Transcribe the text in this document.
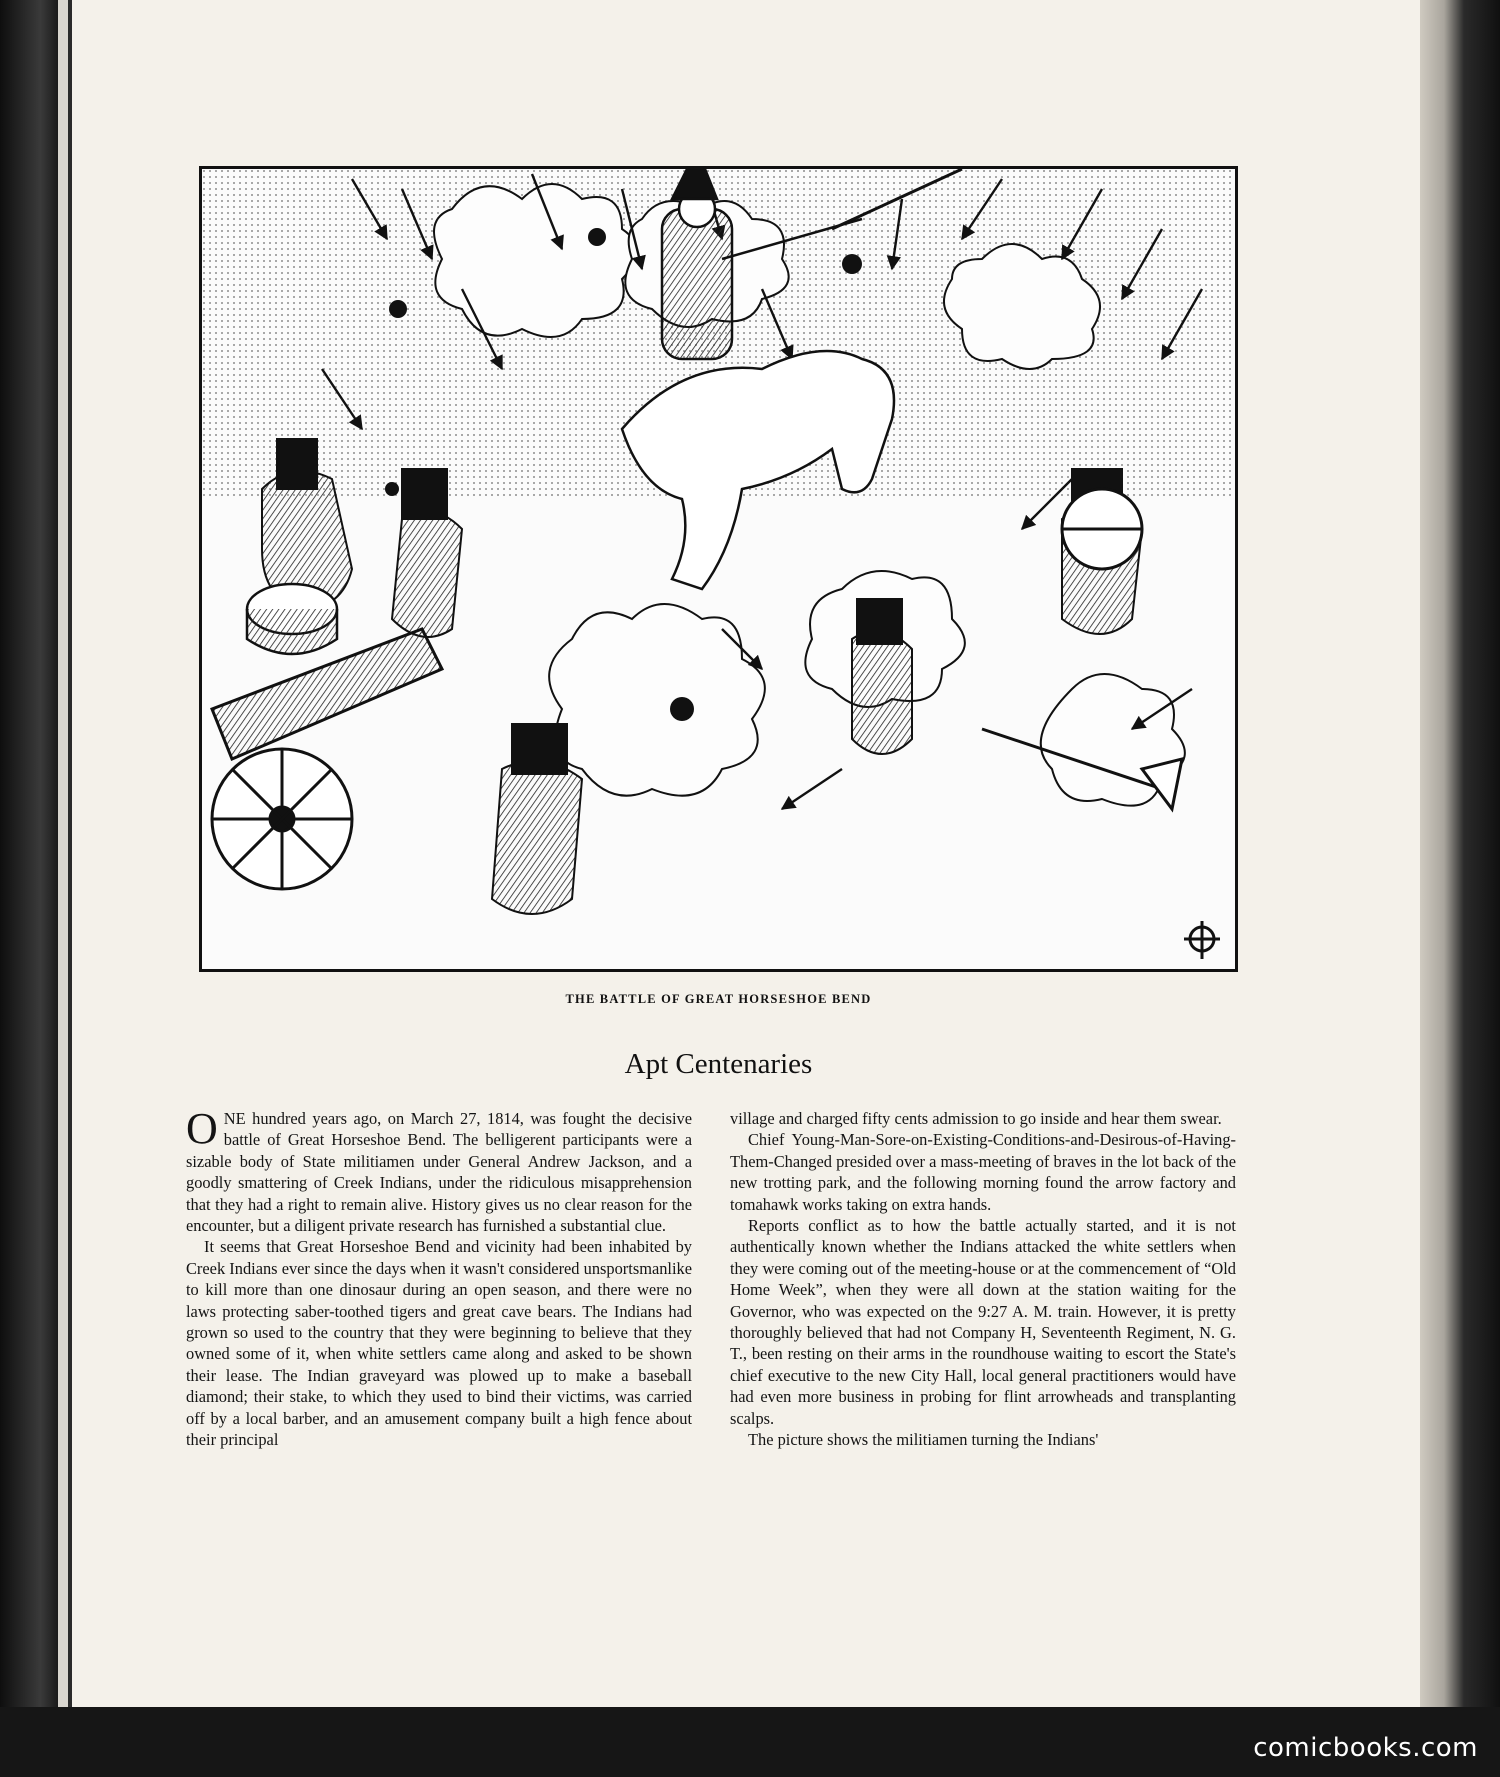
THE BATTLE OF GREAT HORSESHOE BEND
Apt Centenaries

ONE hundred years ago, on March 27, 1814, was fought the decisive battle of Great Horseshoe Bend. The belligerent participants were a sizable body of State militiamen under General Andrew Jackson, and a goodly smattering of Creek Indians, under the ridiculous misapprehension that they had a right to remain alive. History gives us no clear reason for the encounter, but a diligent private research has furnished a substantial clue.

It seems that Great Horseshoe Bend and vicinity had been inhabited by Creek Indians ever since the days when it wasn't considered unsportsmanlike to kill more than one dinosaur during an open season, and there were no laws protecting saber-toothed tigers and great cave bears. The Indians had grown so used to the country that they were beginning to believe that they owned some of it, when white settlers came along and asked to be shown their lease. The Indian graveyard was plowed up to make a baseball diamond; their stake, to which they used to bind their victims, was carried off by a local barber, and an amusement company built a high fence about their principal

village and charged fifty cents admission to go inside and hear them swear.

Chief Young-Man-Sore-on-Existing-Conditions-and-Desirous-of-Having-Them-Changed presided over a mass-meeting of braves in the lot back of the new trotting park, and the following morning found the arrow factory and tomahawk works taking on extra hands.

Reports conflict as to how the battle actually started, and it is not authentically known whether the Indians attacked the white settlers when they were coming out of the meeting-house or at the commencement of “Old Home Week”, when they were all down at the station waiting for the Governor, who was expected on the 9:27 A. M. train. However, it is pretty thoroughly believed that had not Company H, Seventeenth Regiment, N. G. T., been resting on their arms in the roundhouse waiting to escort the State's chief executive to the new City Hall, local general practitioners would have had even more business in probing for flint arrowheads and transplanting scalps.

The picture shows the militiamen turning the Indians'

comicbooks.com
